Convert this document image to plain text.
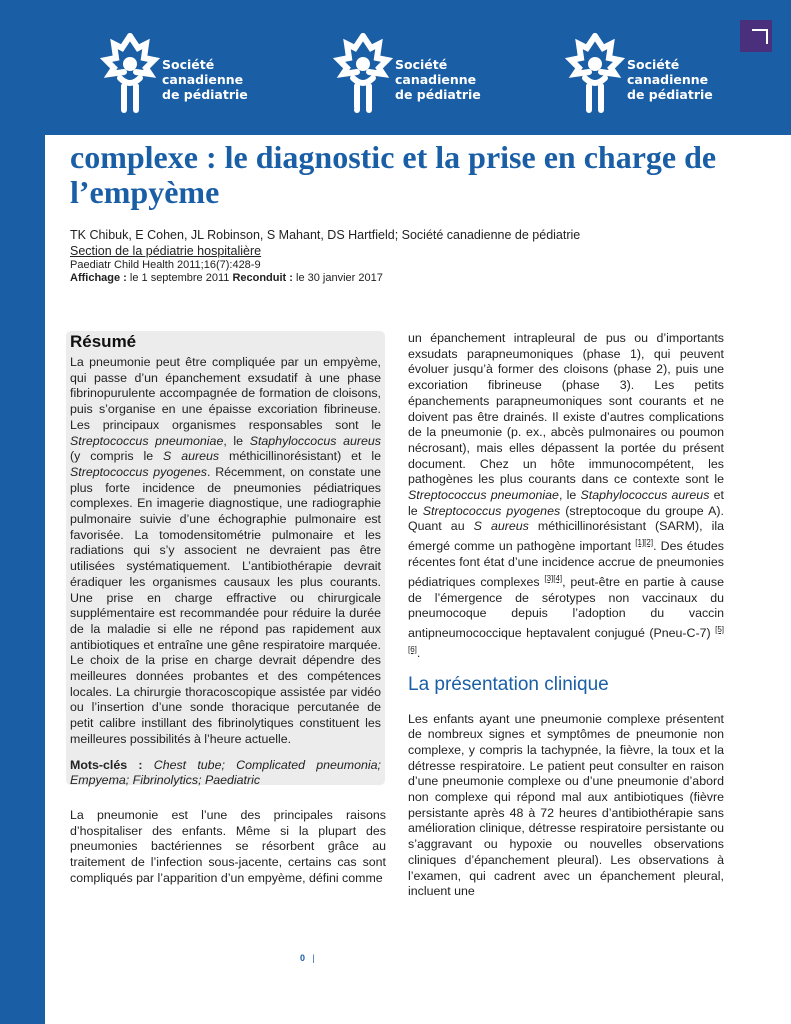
Société
canadienne
de pédiatrie
Société
canadienne
de pédiatrie
Société
canadienne
de pédiatrie
Les pneumonies pédiatriques
complexe : le diagnostic et la prise en charge de l’empyème
TK Chibuk, E Cohen, JL Robinson, S Mahant, DS Hartfield; Société canadienne de pédiatrie
Section de la pédiatrie hospitalière
Paediatr Child Health 2011;16(7):428-9
Affichage : le 1 septembre 2011 Reconduit : le 30 janvier 2017
Résumé

La pneumonie peut être compliquée par un empyème, qui passe d’un épanchement exsudatif à une phase fibrinopurulente accompagnée de formation de cloisons, puis s’organise en une épaisse excoriation fibrineuse. Les principaux organismes responsables sont le Streptococcus pneumoniae, le Staphyloccocus aureus (y compris le S aureus méthicillinorésistant) et le Streptococcus pyogenes. Récemment, on constate une plus forte incidence de pneumonies pédiatriques complexes. En imagerie diagnostique, une radiographie pulmonaire suivie d’une échographie pulmonaire est favorisée. La tomodensitométrie pulmonaire et les radiations qui s’y associent ne devraient pas être utilisées systématiquement. L’antibiothérapie devrait éradiquer les organismes causaux les plus courants. Une prise en charge effractive ou chirurgicale supplémentaire est recommandée pour réduire la durée de la maladie si elle ne répond pas rapidement aux antibiotiques et entraîne une gêne respiratoire marquée. Le choix de la prise en charge devrait dépendre des meilleures données probantes et des compétences locales. La chirurgie thoracoscopique assistée par vidéo ou l’insertion d’une sonde thoracique percutanée de petit calibre instillant des fibrinolytiques constituent les meilleures possibilités à l’heure actuelle.

Mots-clés : Chest tube; Complicated pneumonia; Empyema; Fibrinolytics; Paediatric

La pneumonie est l’une des principales raisons d’hospitaliser des enfants. Même si la plupart des pneumonies bactériennes se résorbent grâce au traitement de l’infection sous-jacente, certains cas sont compliqués par l’apparition d’un empyème, défini comme

un épanchement intrapleural de pus ou d’importants exsudats parapneumoniques (phase 1), qui peuvent évoluer jusqu’à former des cloisons (phase 2), puis une excoriation fibrineuse (phase 3). Les petits épanchements parapneumoniques sont courants et ne doivent pas être drainés. Il existe d’autres complications de la pneumonie (p. ex., abcès pulmonaires ou poumon nécrosant), mais elles dépassent la portée du présent document. Chez un hôte immunocompétent, les pathogènes les plus courants dans ce contexte sont le Streptococcus pneumoniae, le Staphylococcus aureus et le Streptococcus pyogenes (streptocoque du groupe A). Quant au S aureus méthicillinorésistant (SARM), ila émergé comme un pathogène important [1][2]. Des études récentes font état d’une incidence accrue de pneumonies pédiatriques complexes [3][4], peut-être en partie à cause de l’émergence de sérotypes non vaccinaux du pneumocoque depuis l’adoption du vaccin antipneumococcique heptavalent conjugué (Pneu-C-7) [5][6].

La présentation clinique

Les enfants ayant une pneumonie complexe présentent de nombreux signes et symptômes de pneumonie non complexe, y compris la tachypnée, la fièvre, la toux et la détresse respiratoire. Le patient peut consulter en raison d’une pneumonie complexe ou d’une pneumonie d’abord non complexe qui répond mal aux antibiotiques (fièvre persistante après 48 à 72 heures d’antibiothérapie sans amélioration clinique, détresse respiratoire persistante ou s’aggravant ou hypoxie ou nouvelles observations cliniques d’épanchement pleural). Les observations à l’examen, qui cadrent avec un épanchement pleural, incluent une

0 |
